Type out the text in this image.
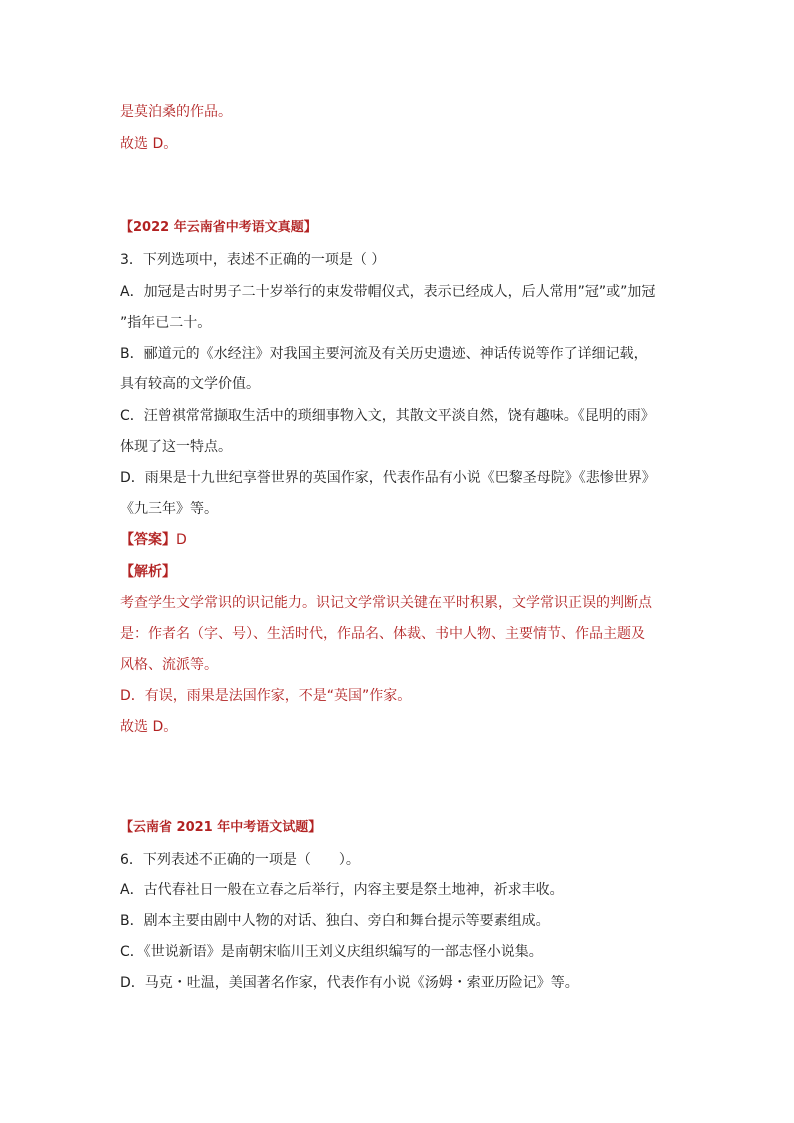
是莫泊桑的作品。
故选 D。
【2022 年云南省中考语文真题】
3．下列选项中，表述不正确的一项是（ ）
A．加冠是古时男子二十岁举行的束发带帽仪式，表示已经成人，后人常用”冠”或”加冠
”指年已二十。
B．郦道元的《水经注》对我国主要河流及有关历史遗迹、神话传说等作了详细记载，
具有较高的文学价值。
C．汪曾祺常常撷取生活中的琐细事物入文，其散文平淡自然，饶有趣味。《昆明的雨》
体现了这一特点。
D．雨果是十九世纪享誉世界的英国作家，代表作品有小说《巴黎圣母院》《悲惨世界》
《九三年》等。
【答案】D
【解析】
考查学生文学常识的识记能力。识记文学常识关键在平时积累，文学常识正误的判断点
是：作者名（字、号）、生活时代，作品名、体裁、书中人物、主要情节、作品主题及
风格、流派等。
D．有误，雨果是法国作家，不是“英国”作家。
故选 D。
【云南省 2021 年中考语文试题】
6．下列表述不正确的一项是（　　）。
A．古代春社日一般在立春之后举行，内容主要是祭土地神，祈求丰收。
B．剧本主要由剧中人物的对话、独白、旁白和舞台提示等要素组成。
C．《世说新语》是南朝宋临川王刘义庆组织编写的一部志怪小说集。
D．马克・吐温，美国著名作家，代表作有小说《汤姆・索亚历险记》等。
